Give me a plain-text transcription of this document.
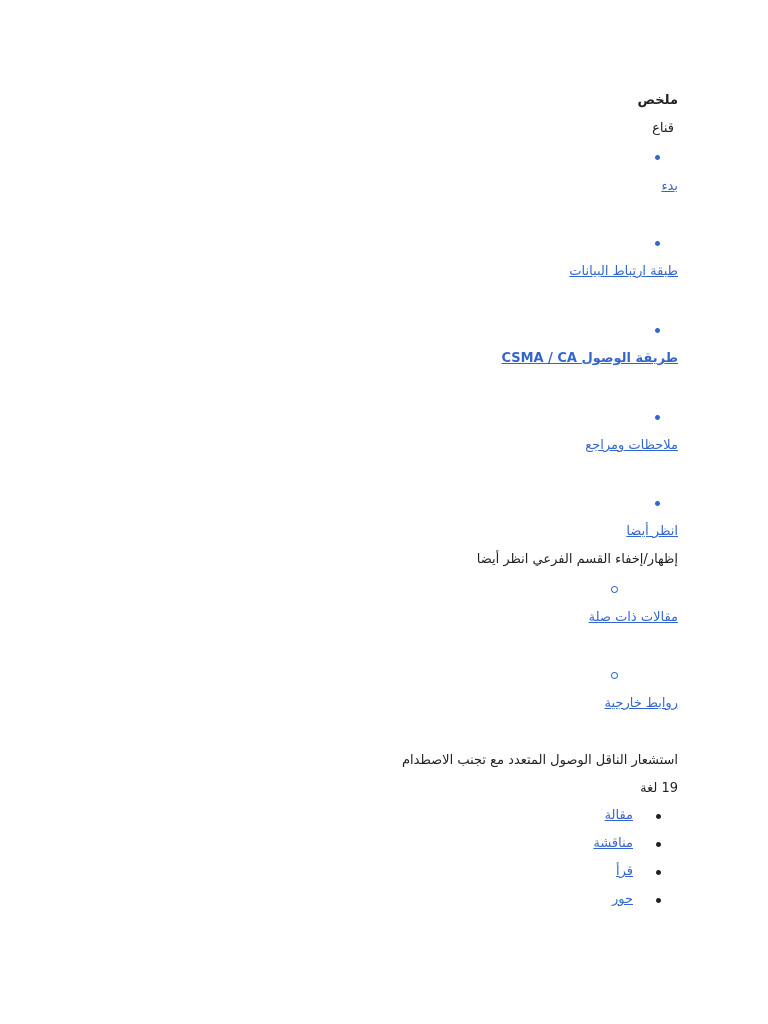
ملخص
قناع
بدء
طبقة ارتباط البيانات
طريقة الوصول CSMA / CA
ملاحظات ومراجع
انظر أيضا
إظهار/إخفاء القسم الفرعي انظر أيضا
مقالات ذات صلة
روابط خارجية
استشعار الناقل الوصول المتعدد مع تجنب الاصطدام
19 لغة
مقالة
مناقشة
قرأ
حور
